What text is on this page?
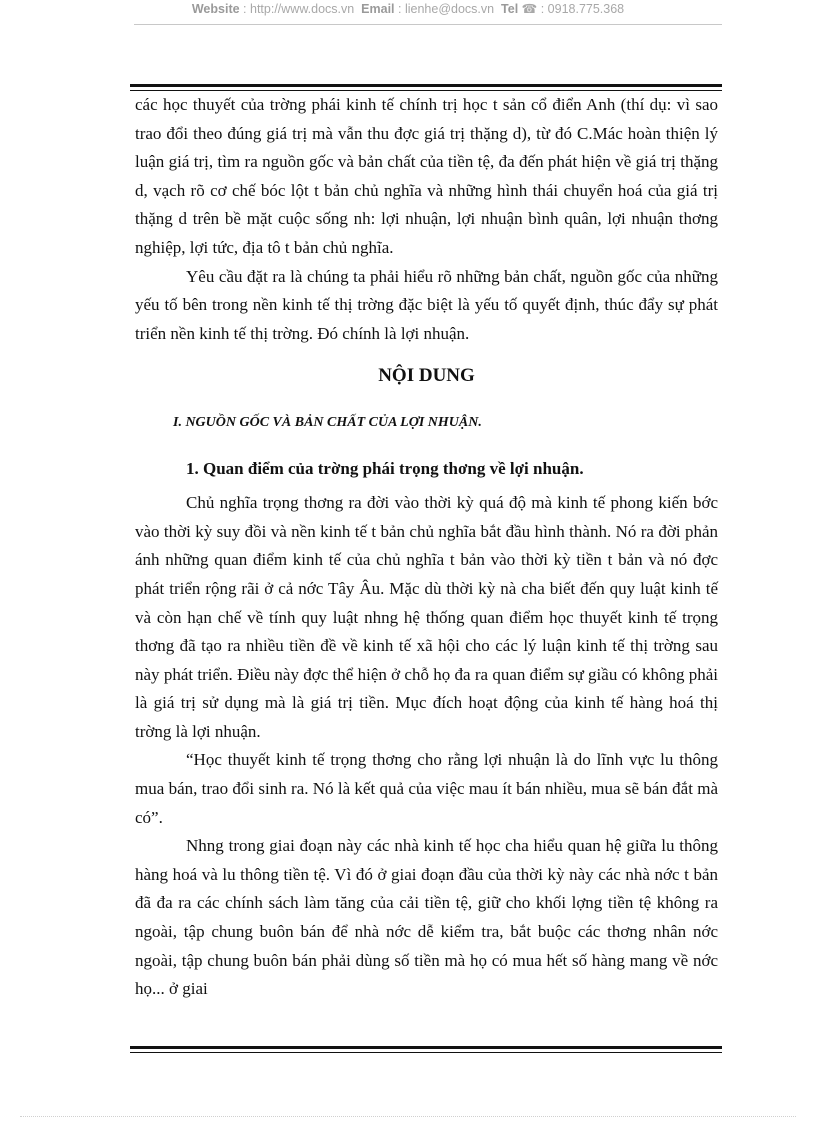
Website : http://www.docs.vn Email : lienhe@docs.vn Tel ☎ : 0918.775.368

các học thuyết của trờng phái kinh tế chính trị học t sản cổ điển Anh (thí dụ: vì sao trao đổi theo đúng giá trị mà vẫn thu đợc giá trị thặng d), từ đó C.Mác hoàn thiện lý luận giá trị, tìm ra nguồn gốc và bản chất của tiền tệ, đa đến phát hiện về giá trị thặng d, vạch rõ cơ chế bóc lột t bản chủ nghĩa và những hình thái chuyển hoá của giá trị thặng d trên bề mặt cuộc sống nh: lợi nhuận, lợi nhuận bình quân, lợi nhuận thơng nghiệp, lợi tức, địa tô t bản chủ nghĩa.

Yêu cầu đặt ra là chúng ta phải hiểu rõ những bản chất, nguồn gốc của những yếu tố bên trong nền kinh tế thị trờng đặc biệt là yếu tố quyết định, thúc đẩy sự phát triển nền kinh tế thị trờng. Đó chính là lợi nhuận.

NỘI DUNG

I. NGUỒN GỐC VÀ BẢN CHẤT CỦA LỢI NHUẬN.

1. Quan điểm của trờng phái trọng thơng về lợi nhuận.

Chủ nghĩa trọng thơng ra đời vào thời kỳ quá độ mà kinh tế phong kiến bớc vào thời kỳ suy đồi và nền kinh tế t bản chủ nghĩa bắt đầu hình thành. Nó ra đời phản ánh những quan điểm kinh tế của chủ nghĩa t bản vào thời kỳ tiền t bản và nó đợc phát triển rộng rãi ở cả nớc Tây Âu. Mặc dù thời kỳ nà cha biết đến quy luật kinh tế và còn hạn chế về tính quy luật nhng hệ thống quan điểm học thuyết kinh tế trọng thơng đã tạo ra nhiều tiền đề về kinh tế xã hội cho các lý luận kinh tế thị trờng sau này phát triển. Điều này đợc thể hiện ở chỗ họ đa ra quan điểm sự giầu có không phải là giá trị sử dụng mà là giá trị tiền. Mục đích hoạt động của kinh tế hàng hoá thị trờng là lợi nhuận.

“Học thuyết kinh tế trọng thơng cho rằng lợi nhuận là do lĩnh vực lu thông mua bán, trao đổi sinh ra. Nó là kết quả của việc mau ít bán nhiều, mua sẽ bán đắt mà có”.

Nhng trong giai đoạn này các nhà kinh tế học cha hiểu quan hệ giữa lu thông hàng hoá và lu thông tiền tệ. Vì đó ở giai đoạn đầu của thời kỳ này các nhà nớc t bản đã đa ra các chính sách làm tăng của cải tiền tệ, giữ cho khối lợng tiền tệ không ra ngoài, tập chung buôn bán để nhà nớc dễ kiểm tra, bắt buộc các thơng nhân nớc ngoài, tập chung buôn bán phải dùng số tiền mà họ có mua hết số hàng mang về nớc họ... ở giai
